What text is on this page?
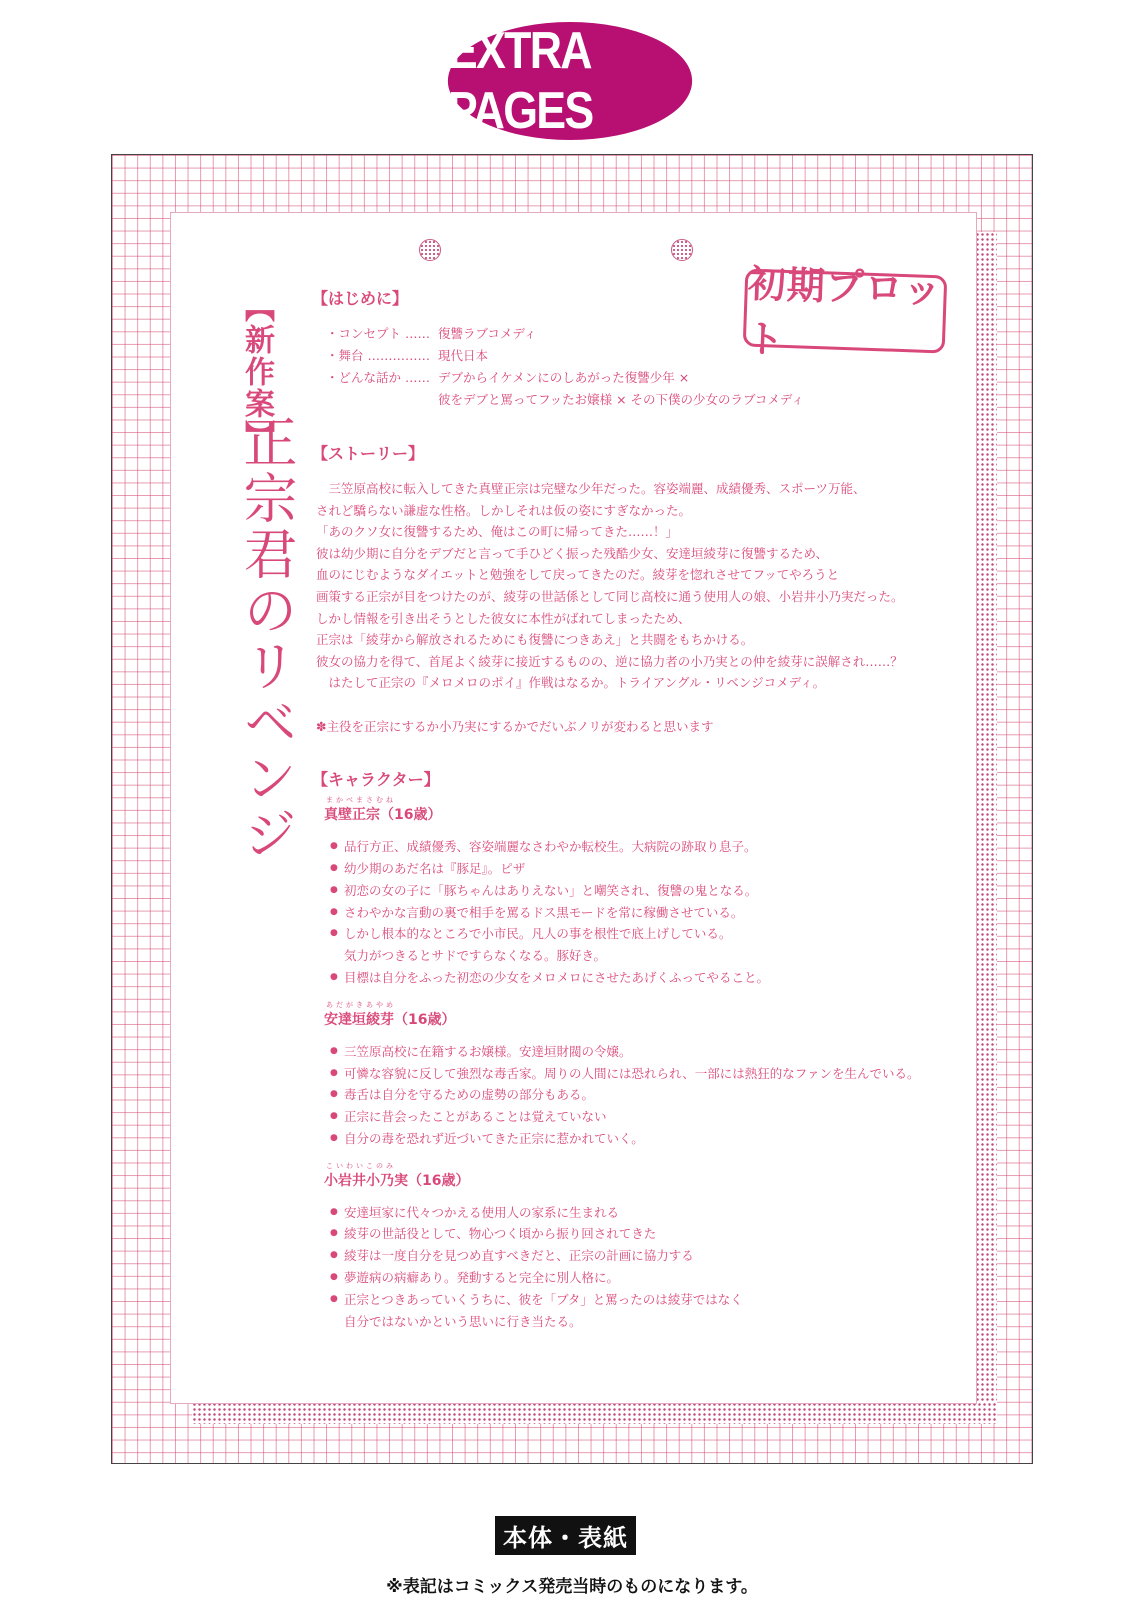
EXTRA PAGES
初期プロット
【新作案】
正宗君のリベンジ
【はじめに】
・コンセプト …… 復讐ラブコメディ
・舞台 …………… 現代日本
・どんな話か …… デブからイケメンにのしあがった復讐少年 ×
彼をデブと罵ってフッたお嬢様 × その下僕の少女のラブコメディ
【ストーリー】

　三笠原高校に転入してきた真壁正宗は完璧な少年だった。容姿端麗、成績優秀、スポーツ万能、

されど驕らない謙虚な性格。しかしそれは仮の姿にすぎなかった。

「あのクソ女に復讐するため、俺はこの町に帰ってきた……！」

彼は幼少期に自分をデブだと言って手ひどく振った残酷少女、安達垣綾芽に復讐するため、

血のにじむようなダイエットと勉強をして戻ってきたのだ。綾芽を惚れさせてフッてやろうと

画策する正宗が目をつけたのが、綾芽の世話係として同じ高校に通う使用人の娘、小岩井小乃実だった。

しかし情報を引き出そうとした彼女に本性がばれてしまったため、

正宗は「綾芽から解放されるためにも復讐につきあえ」と共闘をもちかける。

彼女の協力を得て、首尾よく綾芽に接近するものの、逆に協力者の小乃実との仲を綾芽に誤解され……？

　はたして正宗の『メロメロのポイ』作戦はなるか。トライアングル・リベンジコメディ。

✽主役を正宗にするか小乃実にするかでだいぶノリが変わると思います

【キャラクター】
まかべまさむね
真壁正宗（16歳）
● 品行方正、成績優秀、容姿端麗なさわやか転校生。大病院の跡取り息子。
● 幼少期のあだ名は『豚足』。ピザ
● 初恋の女の子に「豚ちゃんはありえない」と嘲笑され、復讐の鬼となる。
● さわやかな言動の裏で相手を罵るドス黒モードを常に稼働させている。
● しかし根本的なところで小市民。凡人の事を根性で底上げしている。
気力がつきるとサドですらなくなる。豚好き。
● 目標は自分をふった初恋の少女をメロメロにさせたあげくふってやること。
あだがきあやめ
安達垣綾芽（16歳）
● 三笠原高校に在籍するお嬢様。安達垣財閥の令嬢。
● 可憐な容貌に反して強烈な毒舌家。周りの人間には恐れられ、一部には熱狂的なファンを生んでいる。
● 毒舌は自分を守るための虚勢の部分もある。
● 正宗に昔会ったことがあることは覚えていない
● 自分の毒を恐れず近づいてきた正宗に惹かれていく。
こいわいこのみ
小岩井小乃実（16歳）
● 安達垣家に代々つかえる使用人の家系に生まれる
● 綾芽の世話役として、物心つく頃から振り回されてきた
● 綾芽は一度自分を見つめ直すべきだと、正宗の計画に協力する
● 夢遊病の病癖あり。発動すると完全に別人格に。
● 正宗とつきあっていくうちに、彼を「ブタ」と罵ったのは綾芽ではなく
自分ではないかという思いに行き当たる。
本体・表紙
※表記はコミックス発売当時のものになります。
